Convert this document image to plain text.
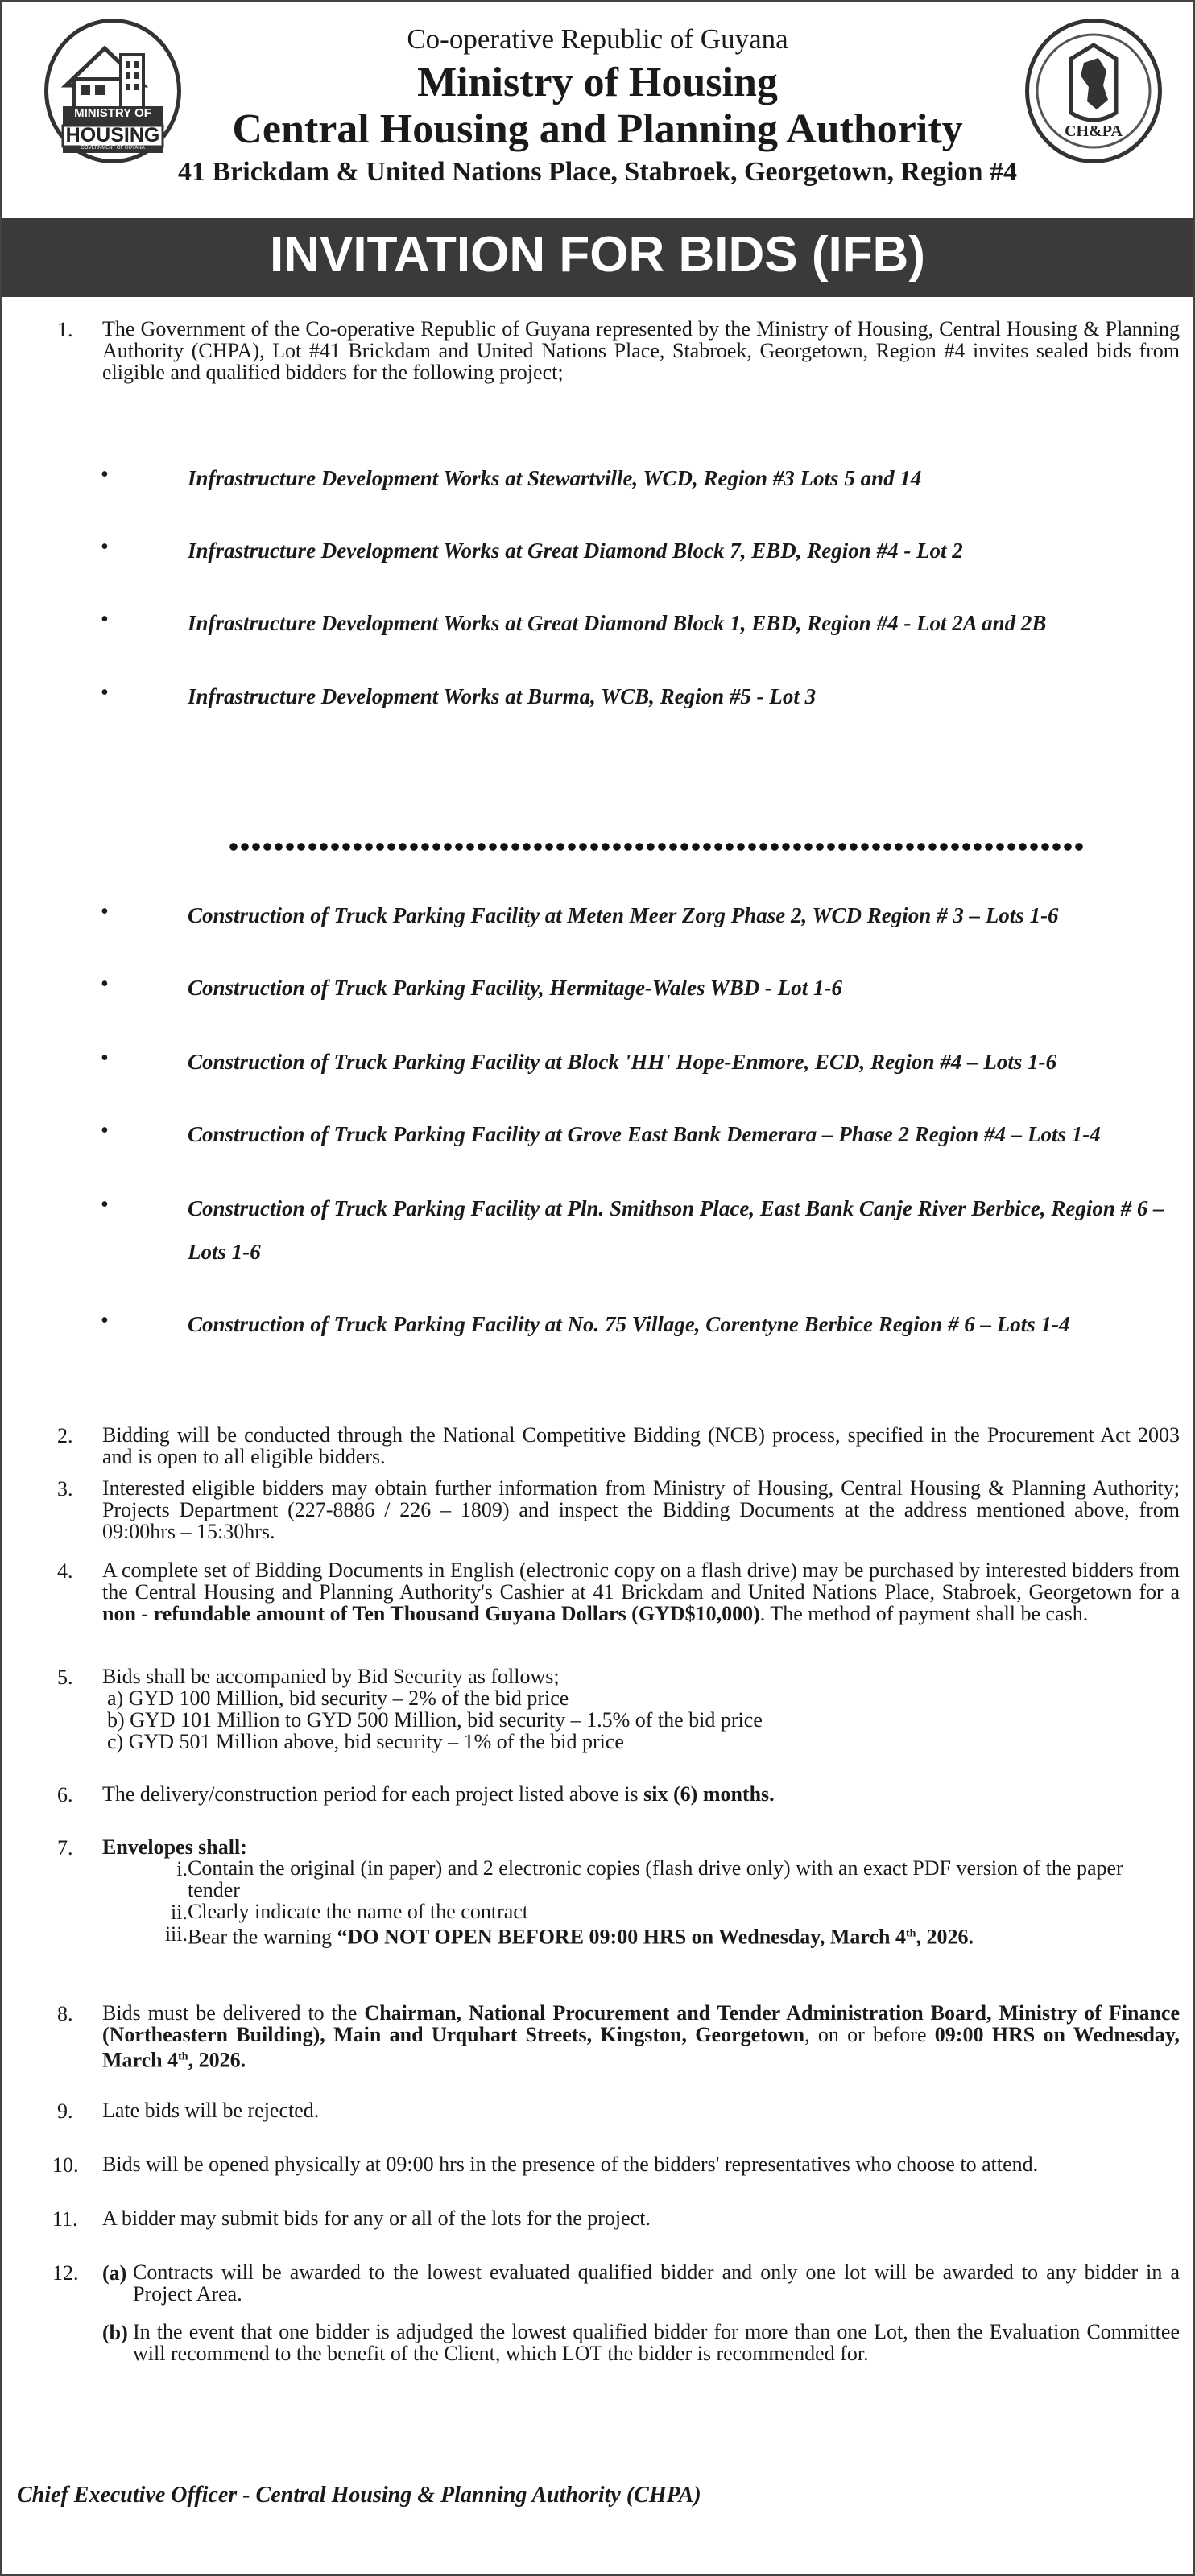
MINISTRY OF
HOUSING
GOVERNMENT OF GUYANA
Co-operative Republic of Guyana
Ministry of Housing
Central Housing and Planning Authority
41 Brickdam & United Nations Place, Stabroek, Georgetown, Region #4
CH&PA
INVITATION FOR BIDS (IFB)
1. The Government of the Co-operative Republic of Guyana represented by the Ministry of Housing, Central Housing & Planning Authority (CHPA), Lot #41 Brickdam and United Nations Place, Stabroek, Georgetown, Region #4 invites sealed bids from eligible and qualified bidders for the following project;
•	Infrastructure Development Works at Stewartville, WCD, Region #3 Lots 5 and 14
•	Infrastructure Development Works at Great Diamond Block 7, EBD, Region #4 - Lot 2
•	Infrastructure Development Works at Great Diamond Block 1, EBD, Region #4 - Lot 2A and 2B
•	Infrastructure Development Works at Burma, WCB, Region #5 - Lot 3
•	Construction of Truck Parking Facility at Meten Meer Zorg Phase 2, WCD Region # 3 – Lots 1-6
•	Construction of Truck Parking Facility, Hermitage-Wales WBD - Lot 1-6
•	Construction of Truck Parking Facility at Block 'HH' Hope-Enmore, ECD, Region #4 – Lots 1-6
•	Construction of Truck Parking Facility at Grove East Bank Demerara – Phase 2 Region #4 – Lots 1-4
•	Construction of Truck Parking Facility at Pln. Smithson Place, East Bank Canje River Berbice, Region # 6 – Lots 1-6
•	Construction of Truck Parking Facility at No. 75 Village, Corentyne Berbice Region # 6 – Lots 1-4
2. Bidding will be conducted through the National Competitive Bidding (NCB) process, specified in the Procurement Act 2003 and is open to all eligible bidders.
3. Interested eligible bidders may obtain further information from Ministry of Housing, Central Housing & Planning Authority; Projects Department (227-8886 / 226 – 1809) and inspect the Bidding Documents at the address mentioned above, from 09:00hrs – 15:30hrs.
4. A complete set of Bidding Documents in English (electronic copy on a flash drive) may be purchased by interested bidders from the Central Housing and Planning Authority's Cashier at 41 Brickdam and United Nations Place, Stabroek, Georgetown for a non - refundable amount of Ten Thousand Guyana Dollars (GYD$10,000). The method of payment shall be cash.
5. Bids shall be accompanied by Bid Security as follows;
a) GYD 100 Million, bid security – 2% of the bid price
b) GYD 101 Million to GYD 500 Million, bid security – 1.5% of the bid price
c) GYD 501 Million above, bid security – 1% of the bid price
6. The delivery/construction period for each project listed above is six (6) months.
7. Envelopes shall:
i. Contain the original (in paper) and 2 electronic copies (flash drive only) with an exact PDF version of the paper tender
ii. Clearly indicate the name of the contract
iii. Bear the warning “DO NOT OPEN BEFORE 09:00 HRS on Wednesday, March 4th, 2026.
8. Bids must be delivered to the Chairman, National Procurement and Tender Administration Board, Ministry of Finance (Northeastern Building), Main and Urquhart Streets, Kingston, Georgetown, on or before 09:00 HRS on Wednesday, March 4th, 2026.
9. Late bids will be rejected.
10. Bids will be opened physically at 09:00 hrs in the presence of the bidders' representatives who choose to attend.
11. A bidder may submit bids for any or all of the lots for the project.
12. (a) Contracts will be awarded to the lowest evaluated qualified bidder and only one lot will be awarded to any bidder in a Project Area.
(b) In the event that one bidder is adjudged the lowest qualified bidder for more than one Lot, then the Evaluation Committee will recommend to the benefit of the Client, which LOT the bidder is recommended for.
Chief Executive Officer - Central Housing & Planning Authority (CHPA)
